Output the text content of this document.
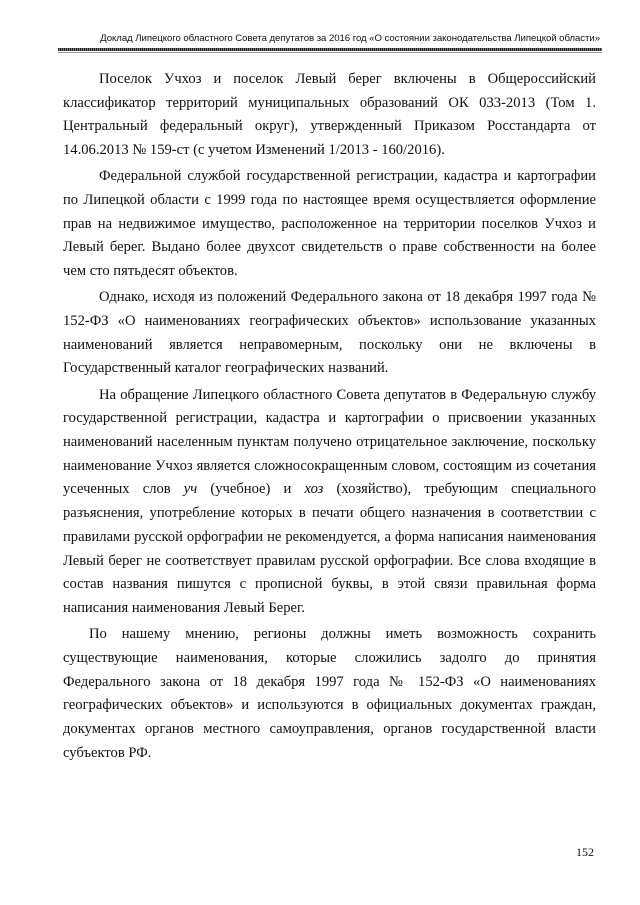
Доклад Липецкого областного Совета депутатов за 2016 год «О состоянии законодательства Липецкой области»

Поселок Учхоз и поселок Левый берег включены в Общероссийский классификатор территорий муниципальных образований ОК 033-2013 (Том 1. Центральный федеральный округ), утвержденный Приказом Росстандарта от 14.06.2013 № 159-ст (с учетом Изменений 1/2013 - 160/2016).

Федеральной службой государственной регистрации, кадастра и картографии по Липецкой области с 1999 года по настоящее время осуществляется оформление прав на недвижимое имущество, расположенное на территории поселков Учхоз и Левый берег. Выдано более двухсот свидетельств о праве собственности на более чем сто пятьдесят объектов.

Однако, исходя из положений Федерального закона от 18 декабря 1997 года № 152-ФЗ «О наименованиях географических объектов» использование указанных наименований является неправомерным, поскольку они не включены в Государственный каталог географических названий.

На обращение Липецкого областного Совета депутатов в Федеральную службу государственной регистрации, кадастра и картографии о присвоении указанных наименований населенным пунктам получено отрицательное заключение, поскольку наименование Учхоз является сложносокращенным словом, состоящим из сочетания усеченных слов уч (учебное) и хоз (хозяйство), требующим специального разъяснения, употребление которых в печати общего назначения в соответствии с правилами русской орфографии не рекомендуется, а форма написания наименования Левый берег не соответствует правилам русской орфографии. Все слова входящие в состав названия пишутся с прописной буквы, в этой связи правильная форма написания наименования Левый Берег.

По нашему мнению, регионы должны иметь возможность сохранить существующие наименования, которые сложились задолго до принятия Федерального закона от 18 декабря 1997 года № 152-ФЗ «О наименованиях географических объектов» и используются в официальных документах граждан, документах органов местного самоуправления, органов государственной власти субъектов РФ.

152
